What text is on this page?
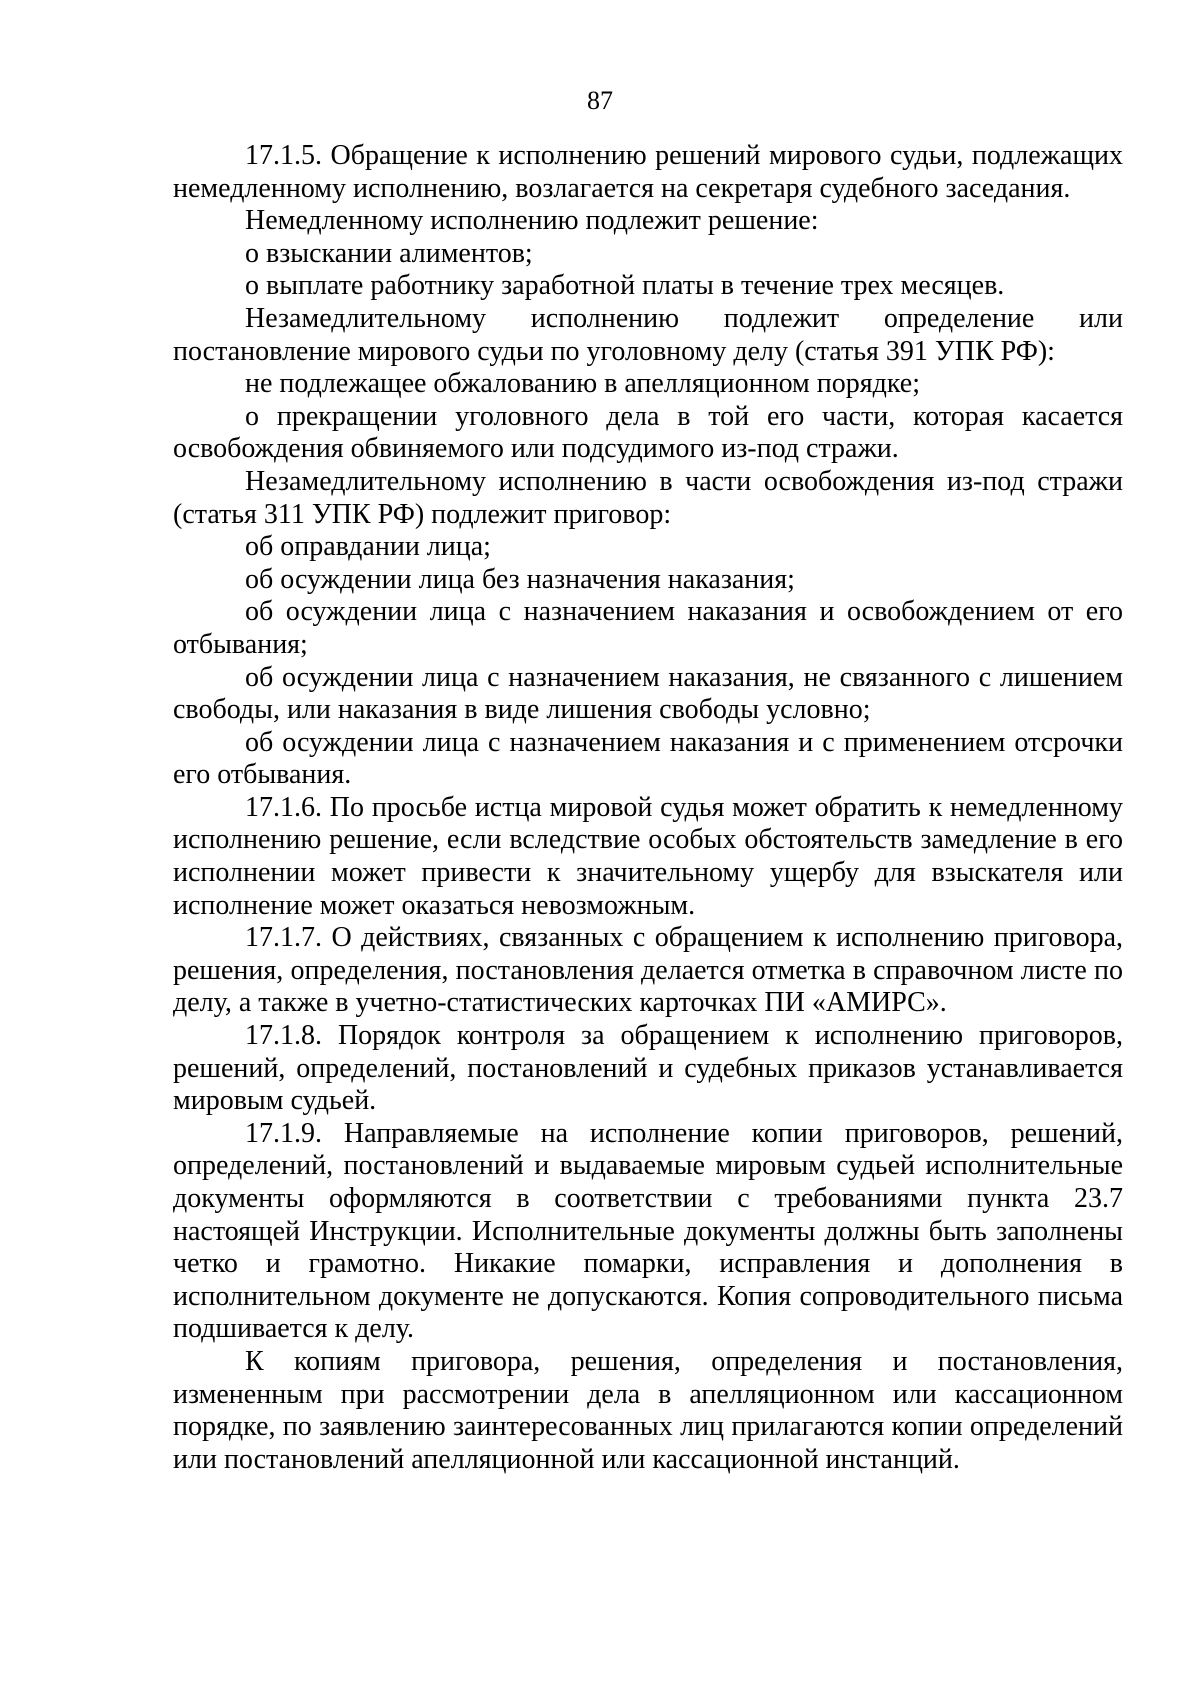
87

17.1.5. Обращение к исполнению решений мирового судьи, подлежащих немедленному исполнению, возлагается на секретаря судебного заседания.

Немедленному исполнению подлежит решение:

о взыскании алиментов;

о выплате работнику заработной платы в течение трех месяцев.

Незамедлительному исполнению подлежит определение или постановление мирового судьи по уголовному делу (статья 391 УПК РФ):

не подлежащее обжалованию в апелляционном порядке;

о прекращении уголовного дела в той его части, которая касается освобождения обвиняемого или подсудимого из-под стражи.

Незамедлительному исполнению в части освобождения из-под стражи (статья 311 УПК РФ) подлежит приговор:

об оправдании лица;

об осуждении лица без назначения наказания;

об осуждении лица с назначением наказания и освобождением от его отбывания;

об осуждении лица с назначением наказания, не связанного с лишением свободы, или наказания в виде лишения свободы условно;

об осуждении лица с назначением наказания и с применением отсрочки его отбывания.

17.1.6. По просьбе истца мировой судья может обратить к немедленному исполнению решение, если вследствие особых обстоятельств замедление в его исполнении может привести к значительному ущербу для взыскателя или исполнение может оказаться невозможным.

17.1.7. О действиях, связанных с обращением к исполнению приговора, решения, определения, постановления делается отметка в справочном листе по делу, а также в учетно-статистических карточках ПИ «АМИРС».

17.1.8. Порядок контроля за обращением к исполнению приговоров, решений, определений, постановлений и судебных приказов устанавливается мировым судьей.

17.1.9. Направляемые на исполнение копии приговоров, решений, определений, постановлений и выдаваемые мировым судьей исполнительные документы оформляются в соответствии с требованиями пункта 23.7 настоящей Инструкции. Исполнительные документы должны быть заполнены четко и грамотно. Никакие помарки, исправления и дополнения в исполнительном документе не допускаются. Копия сопроводительного письма подшивается к делу.

К копиям приговора, решения, определения и постановления, измененным при рассмотрении дела в апелляционном или кассационном порядке, по заявлению заинтересованных лиц прилагаются копии определений или постановлений апелляционной или кассационной инстанций.
